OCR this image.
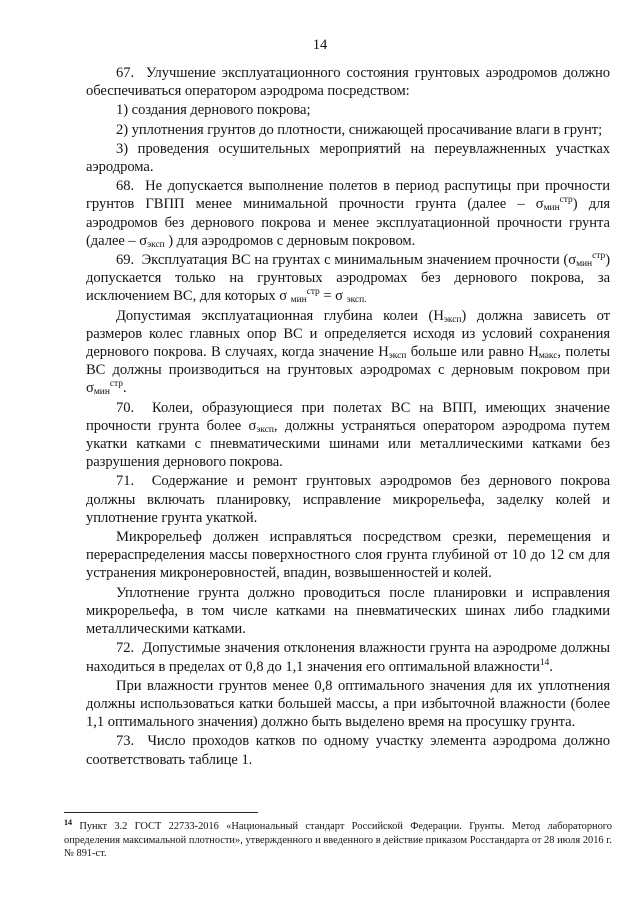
14

67.  Улучшение эксплуатационного состояния грунтовых аэродромов должно обеспечиваться оператором аэродрома посредством:

1) создания дернового покрова;

2) уплотнения грунтов до плотности, снижающей просачивание влаги в грунт;

3) проведения осушительных мероприятий на переувлажненных участках аэродрома.

68.  Не допускается выполнение полетов в период распутицы при прочности грунтов ГВПП менее минимальной прочности грунта (далее – $\sigma_{мин}^{стр}$) для аэродромов без дернового покрова и менее эксплуатационной прочности грунта (далее – $\sigma_{эксп}$ ) для аэродромов с дерновым покровом.

69.  Эксплуатация ВС на грунтах с минимальным значением прочности $(\sigma_{мин}^{стр})$ допускается только на грунтовых аэродромах без дернового покрова, за исключением ВС, для которых σ $_{мин}^{стр}$ = σ $_{эксп.}$

Допустимая эксплуатационная глубина колеи $(Н_{эксп})$ должна зависеть от размеров колес главных опор ВС и определяется исходя из условий сохранения дернового покрова. В случаях, когда значение $Н_{эксп}$ больше или равно $Н_{макс}$, полеты ВС должны производиться на грунтовых аэродромах с дерновым покровом при $\sigma_{мин}^{стр}$.

70.  Колеи, образующиеся при полетах ВС на ВПП, имеющих значение прочности грунта более $\sigma_{эксп}$, должны устраняться оператором аэродрома путем укатки катками с пневматическими шинами или металлическими катками без разрушения дернового покрова.

71.  Содержание и ремонт грунтовых аэродромов без дернового покрова должны включать планировку, исправление микрорельефа, заделку колей и уплотнение грунта укаткой.

Микрорельеф должен исправляться посредством срезки, перемещения и перераспределения массы поверхностного слоя грунта глубиной от 10 до 12 см для устранения микронеровностей, впадин, возвышенностей и колей.

Уплотнение грунта должно проводиться после планировки и исправления микрорельефа, в том числе катками на пневматических шинах либо гладкими металлическими катками.

72.  Допустимые значения отклонения влажности грунта на аэродроме должны находиться в пределах от 0,8 до 1,1 значения его оптимальной влажности$^{14}$.

При влажности грунтов менее 0,8 оптимального значения для их уплотнения должны использоваться катки большей массы, а при избыточной влажности (более 1,1 оптимального значения) должно быть выделено время на просушку грунта.

73.  Число проходов катков по одному участку элемента аэродрома должно соответствовать таблице 1.

$^{14}$ Пункт 3.2 ГОСТ 22733-2016 «Национальный стандарт Российской Федерации. Грунты. Метод лабораторного определения максимальной плотности», утвержденного и введенного в действие приказом Росстандарта от 28 июля 2016 г. № 891-ст.
